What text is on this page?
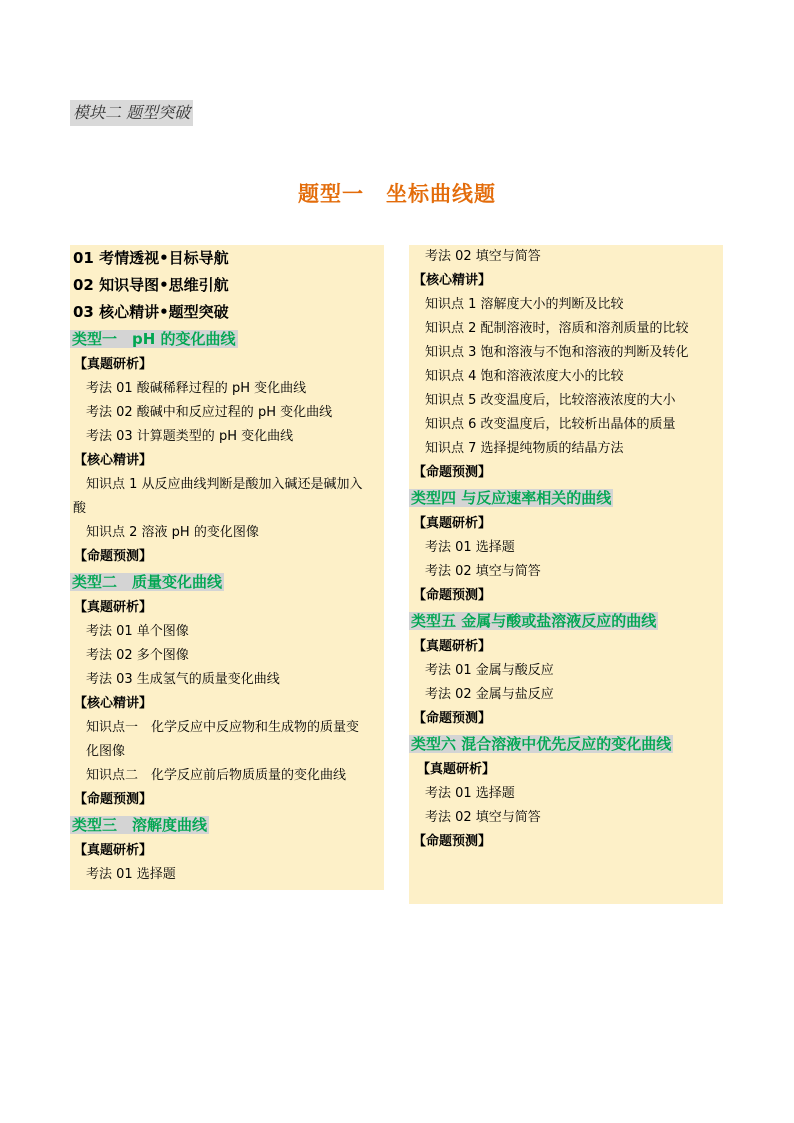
模块二 题型突破
题型一　坐标曲线题
01 考情透视•目标导航
02 知识导图•思维引航
03 核心精讲•题型突破
类型一　pH 的变化曲线
【真题研析】
考法 01 酸碱稀释过程的 pH 变化曲线
考法 02 酸碱中和反应过程的 pH 变化曲线
考法 03 计算题类型的 pH 变化曲线
【核心精讲】
知识点 1 从反应曲线判断是酸加入碱还是碱加入
酸
知识点 2 溶液 pH 的变化图像
【命题预测】
类型二　质量变化曲线
【真题研析】
考法 01 单个图像
考法 02 多个图像
考法 03 生成氢气的质量变化曲线
【核心精讲】
知识点一　化学反应中反应物和生成物的质量变
化图像
知识点二　化学反应前后物质质量的变化曲线
【命题预测】
类型三　溶解度曲线
【真题研析】
考法 01 选择题
考法 02 填空与简答
【核心精讲】
知识点 1 溶解度大小的判断及比较
知识点 2 配制溶液时，溶质和溶剂质量的比较
知识点 3 饱和溶液与不饱和溶液的判断及转化
知识点 4 饱和溶液浓度大小的比较
知识点 5 改变温度后，比较溶液浓度的大小
知识点 6 改变温度后，比较析出晶体的质量
知识点 7 选择提纯物质的结晶方法
【命题预测】
类型四 与反应速率相关的曲线
【真题研析】
考法 01 选择题
考法 02 填空与简答
【命题预测】
类型五 金属与酸或盐溶液反应的曲线
【真题研析】
考法 01 金属与酸反应
考法 02 金属与盐反应
【命题预测】
类型六 混合溶液中优先反应的变化曲线
【真题研析】
考法 01 选择题
考法 02 填空与简答
【命题预测】
